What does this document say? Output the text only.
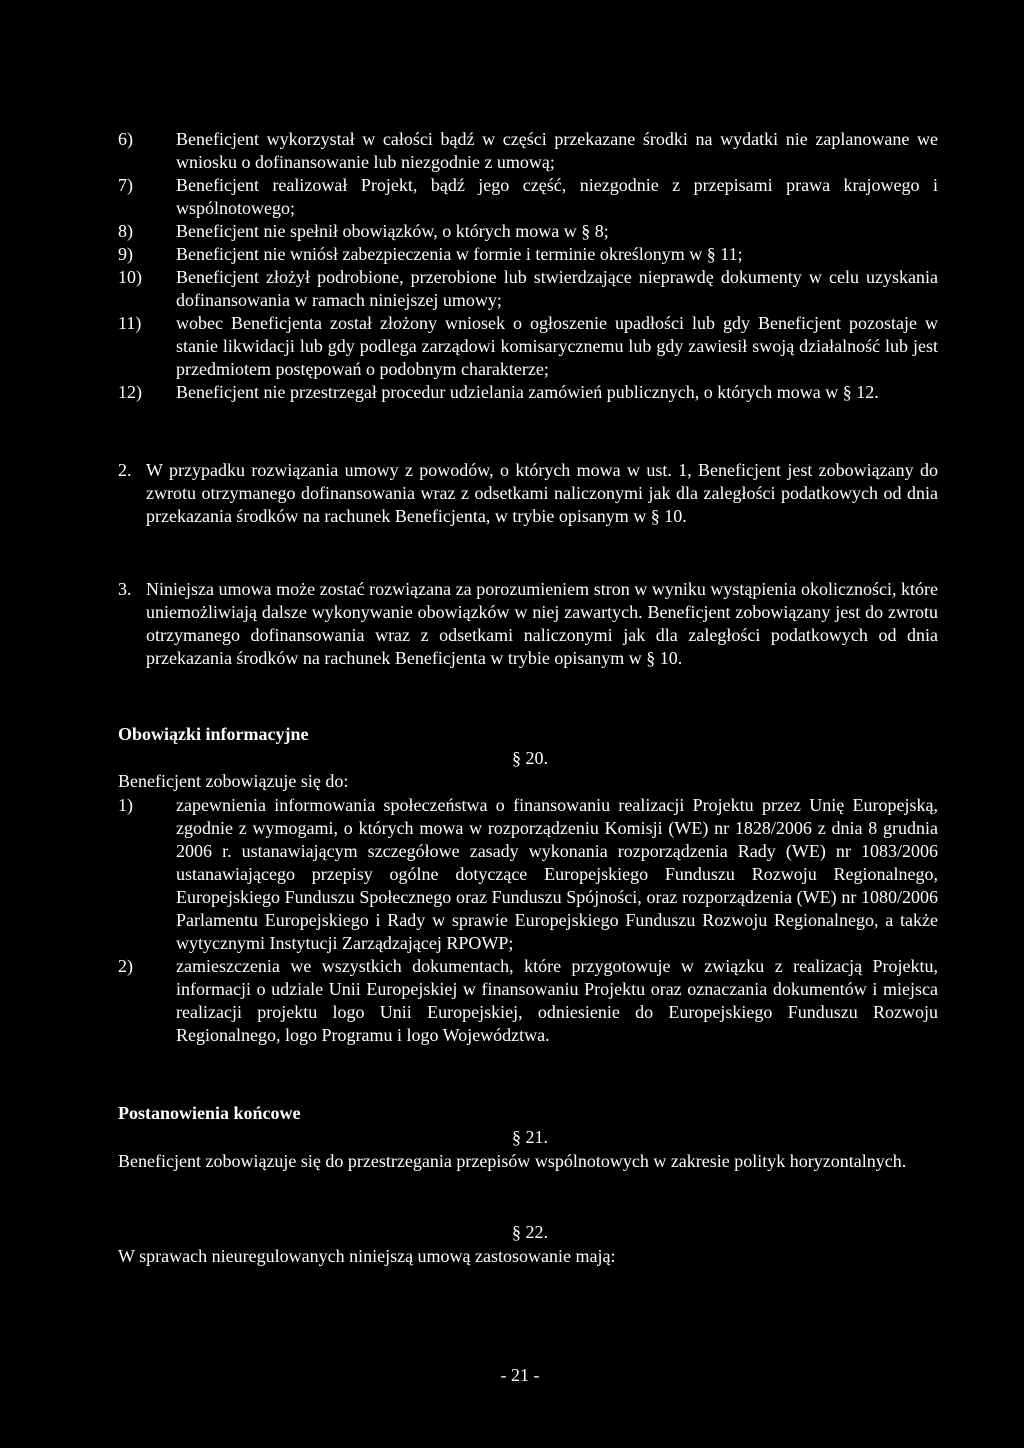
6)	Beneficjent wykorzystał w całości bądź w części przekazane środki na wydatki nie zaplanowane we wniosku o dofinansowanie lub niezgodnie z umową;
7)	Beneficjent realizował Projekt, bądź jego część, niezgodnie z przepisami prawa krajowego i wspólnotowego;
8)	Beneficjent nie spełnił obowiązków, o których mowa w § 8;
9)	Beneficjent nie wniósł zabezpieczenia w formie i terminie określonym w § 11;
10)	Beneficjent złożył podrobione, przerobione lub stwierdzające nieprawdę dokumenty w celu uzyskania dofinansowania w ramach niniejszej umowy;
11)	wobec Beneficjenta został złożony wniosek o ogłoszenie upadłości lub gdy Beneficjent pozostaje w stanie likwidacji lub gdy podlega zarządowi komisarycznemu lub gdy zawiesił swoją działalność lub jest przedmiotem postępowań o podobnym charakterze;
12)	Beneficjent nie przestrzegał procedur udzielania zamówień publicznych, o których mowa w § 12.
2. W przypadku rozwiązania umowy z powodów, o których mowa w ust. 1, Beneficjent jest zobowiązany do zwrotu otrzymanego dofinansowania wraz z odsetkami naliczonymi jak dla zaległości podatkowych od dnia przekazania środków na rachunek Beneficjenta, w trybie opisanym w § 10.
3. Niniejsza umowa może zostać rozwiązana za porozumieniem stron w wyniku wystąpienia okoliczności, które uniemożliwiają dalsze wykonywanie obowiązków w niej zawartych. Beneficjent zobowiązany jest do zwrotu otrzymanego dofinansowania wraz z odsetkami naliczonymi jak dla zaległości podatkowych od dnia przekazania środków na rachunek Beneficjenta w trybie opisanym w § 10.
Obowiązki informacyjne
§ 20.
Beneficjent zobowiązuje się do:
1)	zapewnienia informowania społeczeństwa o finansowaniu realizacji Projektu przez Unię Europejską, zgodnie z wymogami, o których mowa w rozporządzeniu Komisji (WE) nr 1828/2006 z dnia 8 grudnia 2006 r. ustanawiającym szczegółowe zasady wykonania rozporządzenia Rady (WE) nr 1083/2006 ustanawiającego przepisy ogólne dotyczące Europejskiego Funduszu Rozwoju Regionalnego, Europejskiego Funduszu Społecznego oraz Funduszu Spójności, oraz rozporządzenia (WE) nr 1080/2006 Parlamentu Europejskiego i Rady w sprawie Europejskiego Funduszu Rozwoju Regionalnego, a także wytycznymi Instytucji Zarządzającej RPOWP;
2)	zamieszczenia we wszystkich dokumentach, które przygotowuje w związku z realizacją Projektu, informacji o udziale Unii Europejskiej w finansowaniu Projektu oraz oznaczania dokumentów i miejsca realizacji projektu logo Unii Europejskiej, odniesienie do Europejskiego Funduszu Rozwoju Regionalnego, logo Programu i logo Województwa.
Postanowienia końcowe
§ 21.
Beneficjent zobowiązuje się do przestrzegania przepisów wspólnotowych w zakresie polityk horyzontalnych.
§ 22.
W sprawach nieuregulowanych niniejszą umową zastosowanie mają:
- 21 -
